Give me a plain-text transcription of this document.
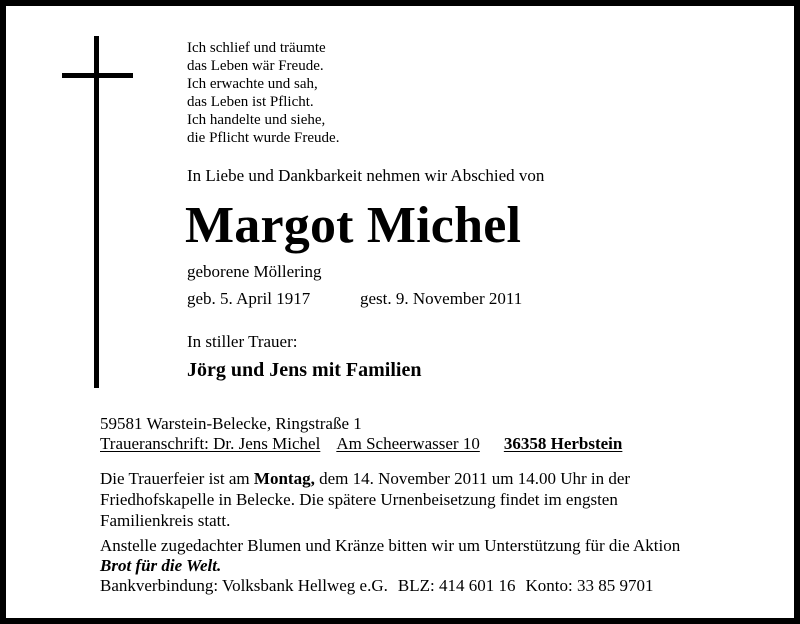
Ich schlief und träumte
das Leben wär Freude.
Ich erwachte und sah,
das Leben ist Pflicht.
Ich handelte und siehe,
die Pflicht wurde Freude.
In Liebe und Dankbarkeit nehmen wir Abschied von
Margot Michel
geborene Möllering
geb. 5. April 1917	gest. 9. November 2011
In stiller Trauer:
Jörg und Jens mit Familien
59581 Warstein-Belecke, Ringstraße 1
Traueranschrift: Dr. Jens Michel Am Scheerwasser 10 36358 Herbstein
Die Trauerfeier ist am Montag, dem 14. November 2011 um 14.00 Uhr in der
Friedhofskapelle in Belecke. Die spätere Urnenbeisetzung findet im engsten
Familienkreis statt.
Anstelle zugedachter Blumen und Kränze bitten wir um Unterstützung für die Aktion
Brot für die Welt.
Bankverbindung: Volksbank Hellweg e.G. BLZ: 414 601 16 Konto: 33 85 9701
